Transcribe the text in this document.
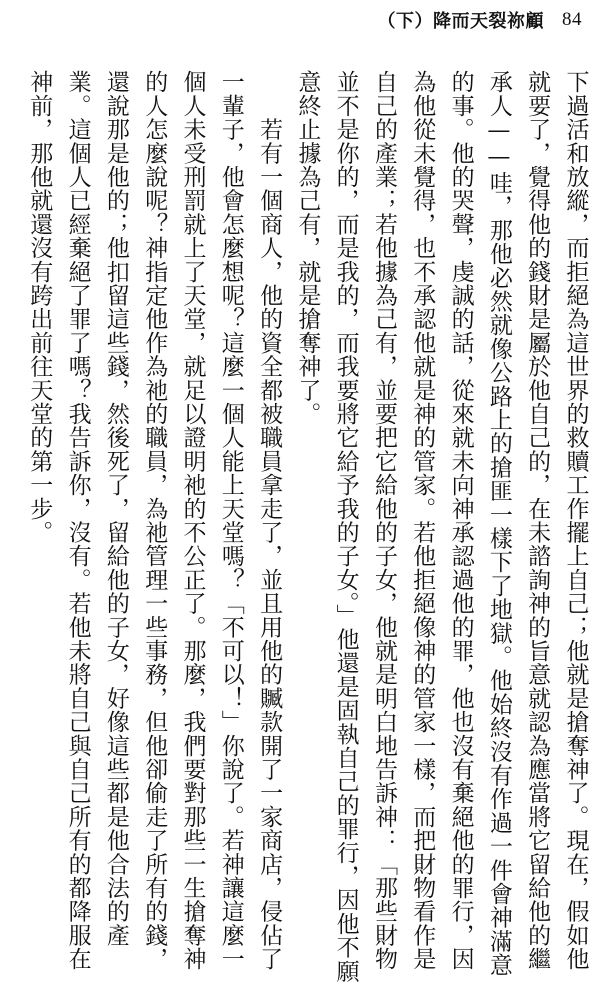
（下）降而天裂祢顧 84

下過活和放縱，而拒絕為這世界的救贖工作擺上自己；他就是搶奪神了。現在，假如他就要了，覺得他的錢財是屬於他自己的，在未諮詢神的旨意就認為應當將它留給他的繼承人——哇，那他必然就像公路上的搶匪一樣下了地獄。他始終沒有作過一件會神滿意的事。他的哭聲，虔誠的話，從來就未向神承認過他的罪，他也沒有棄絕他的罪行，因為他從未覺得，也不承認他就是神的管家。若他拒絕像神的管家一樣，而把財物看作是自己的產業；若他據為己有，並要把它給他的子女，他就是明白地告訴神：「那些財物並不是你的，而是我的，而我要將它給予我的子女。」他還是固執自己的罪行，因他不願意終止據為己有，就是搶奪神了。

　　若有一個商人，他的資全都被職員拿走了，並且用他的贓款開了一家商店，侵佔了一輩子，他會怎麼想呢？這麼一個人能上天堂嗎？「不可以！」你說了。若神讓這麼一個人未受刑罰就上了天堂，就足以證明祂的不公正了。那麼，我們要對那些一生搶奪神的人怎麼說呢？神指定他作為祂的職員，為祂管理一些事務，但他卻偷走了所有的錢，還說那是他的；他扣留這些錢，然後死了，留給他的子女，好像這些都是他合法的產業。這個人已經棄絕了罪了嗎？我告訴你，沒有。若他未將自己與自己所有的都降服在神前，那他就還沒有跨出前往天堂的第一步。
